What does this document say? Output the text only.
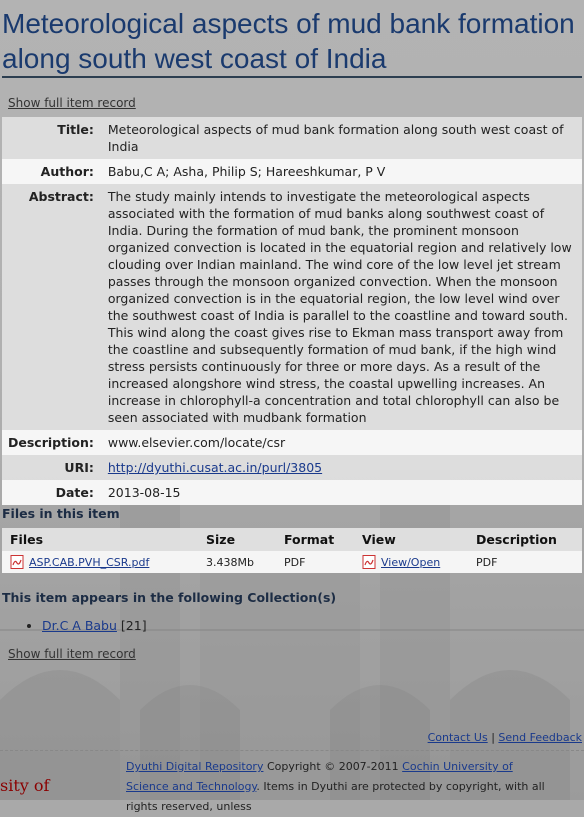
Meteorological aspects of mud bank formation along south west coast of India
Show full item record
Title:	Meteorological aspects of mud bank formation along south west coast of India
Author:	Babu,C A; Asha, Philip S; Hareeshkumar, P V
Abstract:	The study mainly intends to investigate the meteorological aspects associated with the formation of mud banks along southwest coast of India. During the formation of mud bank, the prominent monsoon organized convection is located in the equatorial region and relatively low clouding over Indian mainland. The wind core of the low level jet stream passes through the monsoon organized convection. When the monsoon organized convection is in the equatorial region, the low level wind over the southwest coast of India is parallel to the coastline and toward south. This wind along the coast gives rise to Ekman mass transport away from the coastline and subsequently formation of mud bank, if the high wind stress persists continuously for three or more days. As a result of the increased alongshore wind stress, the coastal upwelling increases. An increase in chlorophyll-a concentration and total chlorophyll can also be seen associated with mudbank formation
Description:	www.elsevier.com/locate/csr
URI:	http://dyuthi.cusat.ac.in/purl/3805
Date:	2013-08-15
Files in this item
Files	Size	Format	View	Description
ASP.CAB.PVH_CSR.pdf	3.438Mb	PDF	View/Open	PDF
This item appears in the following Collection(s)
• Dr.C A Babu [21]
Show full item record
Contact Us | Send Feedback
Dyuthi Digital Repository Copyright © 2007-2011 Cochin University of Science and Technology. Items in Dyuthi are protected by copyright, with all rights reserved, unless
sity of
